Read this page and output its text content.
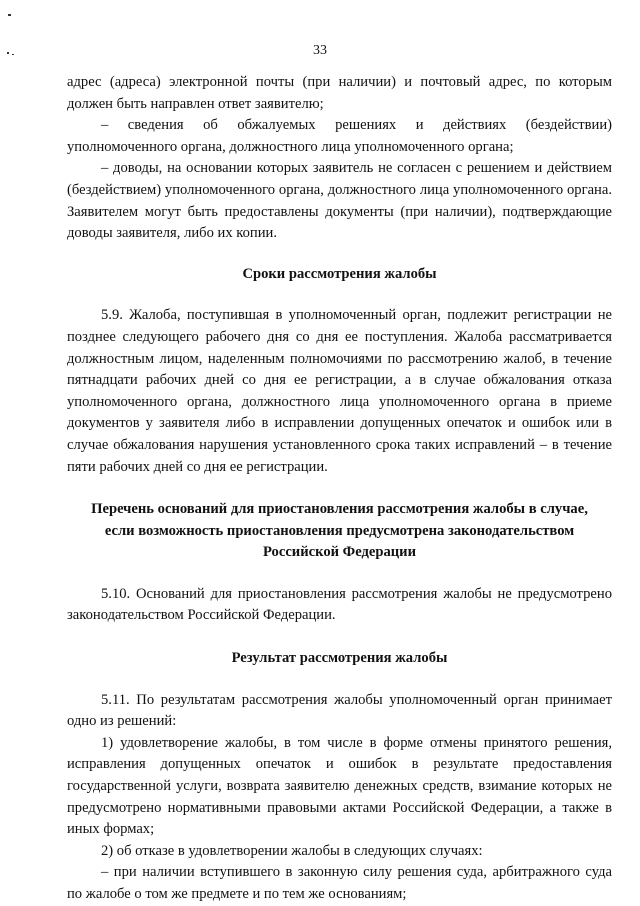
33

адрес (адреса) электронной почты (при наличии) и почтовый адрес, по которым должен быть направлен ответ заявителю;

– сведения об обжалуемых решениях и действиях (бездействии) уполномоченного органа, должностного лица уполномоченного органа;

– доводы, на основании которых заявитель не согласен с решением и действием (бездействием) уполномоченного органа, должностного лица уполномоченного органа. Заявителем могут быть предоставлены документы (при наличии), подтверждающие доводы заявителя, либо их копии.

Сроки рассмотрения жалобы

5.9. Жалоба, поступившая в уполномоченный орган, подлежит регистрации не позднее следующего рабочего дня со дня ее поступления. Жалоба рассматривается должностным лицом, наделенным полномочиями по рассмотрению жалоб, в течение пятнадцати рабочих дней со дня ее регистрации, а в случае обжалования отказа уполномоченного органа, должностного лица уполномоченного органа в приеме документов у заявителя либо в исправлении допущенных опечаток и ошибок или в случае обжалования нарушения установленного срока таких исправлений – в течение пяти рабочих дней со дня ее регистрации.

Перечень оснований для приостановления рассмотрения жалобы в случае, если возможность приостановления предусмотрена законодательством Российской Федерации

5.10. Оснований для приостановления рассмотрения жалобы не предусмотрено законодательством Российской Федерации.

Результат рассмотрения жалобы

5.11. По результатам рассмотрения жалобы уполномоченный орган принимает одно из решений:

1) удовлетворение жалобы, в том числе в форме отмены принятого решения, исправления допущенных опечаток и ошибок в результате предоставления государственной услуги, возврата заявителю денежных средств, взимание которых не предусмотрено нормативными правовыми актами Российской Федерации, а также в иных формах;

2) об отказе в удовлетворении жалобы в следующих случаях:

– при наличии вступившего в законную силу решения суда, арбитражного суда по жалобе о том же предмете и по тем же основаниям;
